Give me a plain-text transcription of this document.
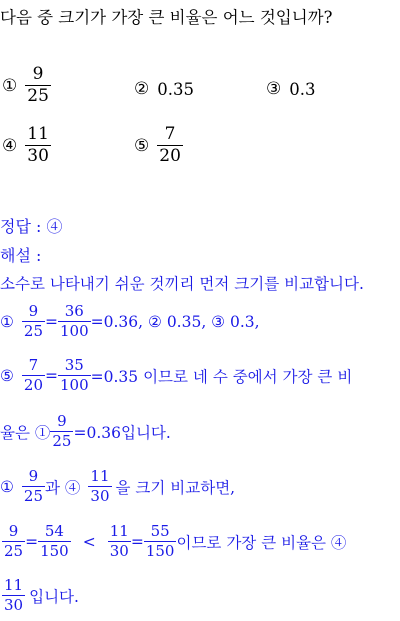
다음 중 크기가 가장 큰 비율은 어느 것입니까?
① $\frac{9}{25}$	② 0.35	③ 0.3
④ $\frac{11}{30}$	⑤ $\frac{7}{20}$
정답 : ④
해설 :
소수로 나타내기 쉬운 것끼리 먼저 크기를 비교합니다.
① $\frac{9}{25} = \frac{36}{100} =0.36$, ② 0.35, ③ 0.3,
⑤ $\frac{7}{20} = \frac{35}{100} =0.35$ 이므로 네 수 중에서 가장 큰 비
율은 ① $\frac{9}{25} =0.36$입니다.
① $\frac{9}{25}$ 과 ④ $\frac{11}{30}$ 을 크기 비교하면,
$\frac{9}{25} = \frac{54}{150} < \frac{11}{30} = \frac{55}{150}$ 이므로 가장 큰 비율은 ④
$\frac{11}{30}$ 입니다.
